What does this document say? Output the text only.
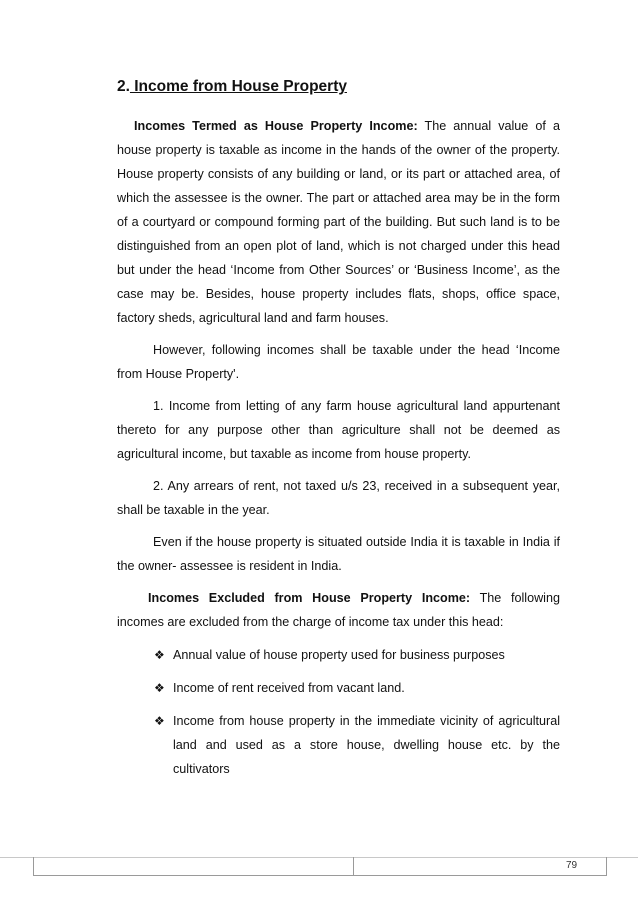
2. Income from House Property

Incomes Termed as House Property Income: The annual value of a house property is taxable as income in the hands of the owner of the property. House property consists of any building or land, or its part or attached area, of which the assessee is the owner. The part or attached area may be in the form of a courtyard or compound forming part of the building. But such land is to be distinguished from an open plot of land, which is not charged under this head but under the head ‘Income from Other Sources’ or ‘Business Income’, as the case may be. Besides, house property includes flats, shops, office space, factory sheds, agricultural land and farm houses.

However, following incomes shall be taxable under the head ‘Income from House Property'.

1. Income from letting of any farm house agricultural land appurtenant thereto for any purpose other than agriculture shall not be deemed as agricultural income, but taxable as income from house property.

2. Any arrears of rent, not taxed u/s 23, received in a subsequent year, shall be taxable in the year.

Even if the house property is situated outside India it is taxable in India if the owner- assessee is resident in India.

Incomes Excluded from House Property Income: The following incomes are excluded from the charge of income tax under this head:

❖ Annual value of house property used for business purposes
❖ Income of rent received from vacant land.
❖ Income from house property in the immediate vicinity of agricultural land and used as a store house, dwelling house etc. by the cultivators
79
